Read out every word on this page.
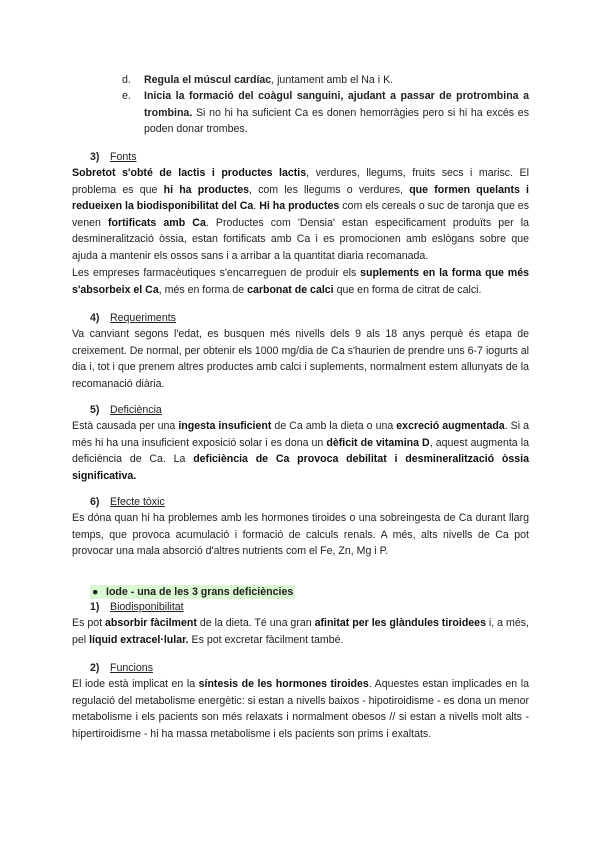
d. Regula el múscul cardíac, juntament amb el Na i K.
e. Inicia la formació del coàgul sanguini, ajudant a passar de protrombina a trombina. Si no hi ha suficient Ca es donen hemorràgies pero si hi ha excés es poden donar trombes.
3) Fonts
Sobretot s'obté de lactis i productes lactis, verdures, llegums, fruits secs i marisc. El problema es que hi ha productes, com les llegums o verdures, que formen quelants i redueixen la biodisponibilitat del Ca. Hi ha productes com els cereals o suc de taronja que es venen fortificats amb Ca. Productes com 'Densia' estan especificament produïts per la desmineralització òssia, estan fortificats amb Ca i es promocionen amb eslògans sobre que ajuda a mantenir els ossos sans i a arribar a la quantitat diaria recomanada.
Les empreses farmacèutiques s'encarreguen de produir els suplements en la forma que més s'absorbeix el Ca, més en forma de carbonat de calci que en forma de citrat de calci.
4) Requeriments
Va canviant segons l'edat, es busquen més nivells dels 9 als 18 anys perquè és etapa de creixement. De normal, per obtenir els 1000 mg/dia de Ca s'haurien de prendre uns 6-7 iogurts al dia i, tot i que prenem altres productes amb calci i suplements, normalment estem allunyats de la recomanació diària.
5) Deficiència
Està causada per una ingesta insuficient de Ca amb la dieta o una excreció augmentada. Si a més hi ha una insuficient exposició solar i es dona un dèficit de vitamina D, aquest augmenta la deficiència de Ca. La deficiència de Ca provoca debilitat i desmineralització òssia significativa.
6) Efecte tòxic
Es dóna quan hi ha problemes amb les hormones tiroides o una sobreingesta de Ca durant llarg temps, que provoca acumulació i formació de calculs renals. A més, alts nivells de Ca pot provocar una mala absorció d'altres nutrients com el Fe, Zn, Mg i P.
● Iode - una de les 3 grans deficiències
1) Biodisponibilitat
Es pot absorbir fàcilment de la dieta. Té una gran afinitat per les glàndules tiroidees i, a més, pel líquid extracel·lular. Es pot excretar fàcilment també.
2) Funcions
El iode està implicat en la síntesis de les hormones tiroides. Aquestes estan implicades en la regulació del metabolisme energètic: si estan a nivells baixos - hipotiroidisme - es dona un menor metabolisme i els pacients son més relaxats i normalment obesos // si estan a nivells molt alts - hipertiroidisme - hi ha massa metabolisme i els pacients son prims i exaltats.
